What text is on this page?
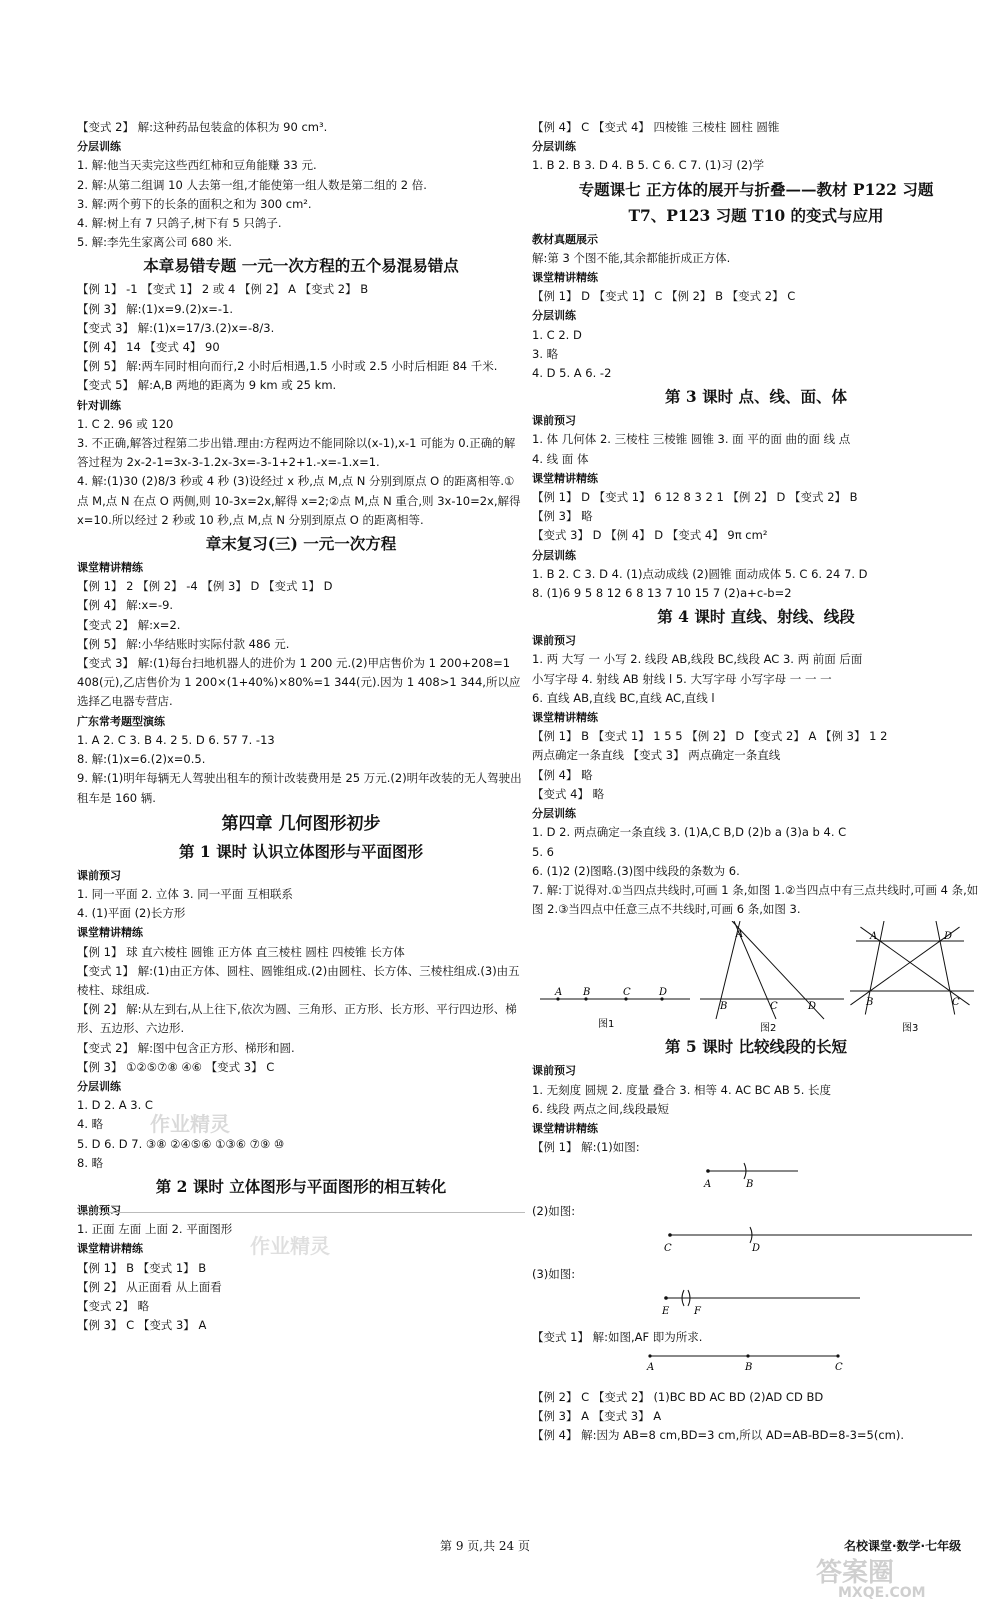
【变式 2】 解:这种药品包装盒的体积为 90 cm³.
分层训练
1. 解:他当天卖完这些西红柿和豆角能赚 33 元.
2. 解:从第二组调 10 人去第一组,才能使第一组人数是第二组的 2 倍.
3. 解:两个剪下的长条的面积之和为 300 cm².
4. 解:树上有 7 只鸽子,树下有 5 只鸽子.
5. 解:李先生家离公司 680 米.
本章易错专题 一元一次方程的五个易混易错点
【例 1】 -1 【变式 1】 2 或 4 【例 2】 A 【变式 2】 B
【例 3】 解:(1)x=9.(2)x=-1.
【变式 3】 解:(1)x=17/3.(2)x=-8/3.
【例 4】 14 【变式 4】 90
【例 5】 解:两车同时相向而行,2 小时后相遇,1.5 小时或 2.5 小时后相距 84 千米.
【变式 5】 解:A,B 两地的距离为 9 km 或 25 km.
针对训练
1. C 2. 96 或 120
3. 不正确,解答过程第二步出错.理由:方程两边不能同除以(x-1),x-1 可能为 0.正确的解答过程为 2x-2-1=3x-3-1.2x-3x=-3-1+2+1.-x=-1.x=1.
4. 解:(1)30 (2)8/3 秒或 4 秒 (3)设经过 x 秒,点 M,点 N 分别到原点 O 的距离相等.①点 M,点 N 在点 O 两侧,则 10-3x=2x,解得 x=2;②点 M,点 N 重合,则 3x-10=2x,解得 x=10.所以经过 2 秒或 10 秒,点 M,点 N 分别到原点 O 的距离相等.
章末复习(三) 一元一次方程
课堂精讲精练
【例 1】 2 【例 2】 -4 【例 3】 D 【变式 1】 D
【例 4】 解:x=-9.
【变式 2】 解:x=2.
【例 5】 解:小华结账时实际付款 486 元.
【变式 3】 解:(1)每台扫地机器人的进价为 1 200 元.(2)甲店售价为 1 200+208=1 408(元),乙店售价为 1 200×(1+40%)×80%=1 344(元).因为 1 408>1 344,所以应选择乙电器专营店.
广东常考题型演练
1. A 2. C 3. B 4. 2 5. D 6. 57 7. -13
8. 解:(1)x=6.(2)x=0.5.
9. 解:(1)明年每辆无人驾驶出租车的预计改装费用是 25 万元.(2)明年改装的无人驾驶出租车是 160 辆.
第四章 几何图形初步
第 1 课时 认识立体图形与平面图形
课前预习
1. 同一平面 2. 立体 3. 同一平面 互相联系
4. (1)平面 (2)长方形
课堂精讲精练
【例 1】 球 直六棱柱 圆锥 正方体 直三棱柱 圆柱 四棱锥 长方体
【变式 1】 解:(1)由正方体、圆柱、圆锥组成.(2)由圆柱、长方体、三棱柱组成.(3)由五棱柱、球组成.
【例 2】 解:从左到右,从上往下,依次为圆、三角形、正方形、长方形、平行四边形、梯形、五边形、六边形.
【变式 2】 解:图中包含正方形、梯形和圆.
【例 3】 ①②⑤⑦⑧ ④⑥ 【变式 3】 C
分层训练
1. D 2. A 3. C
4. 略
5. D 6. D 7. ③⑧ ②④⑤⑥ ①③⑥ ⑦⑨ ⑩
8. 略
第 2 课时 立体图形与平面图形的相互转化
课前预习
1. 正面 左面 上面 2. 平面图形
课堂精讲精练
【例 1】 B 【变式 1】 B
【例 2】 从正面看 从上面看
【变式 2】 略
【例 3】 C 【变式 3】 A
【例 4】 C 【变式 4】 四棱锥 三棱柱 圆柱 圆锥
分层训练
1. B 2. B 3. D 4. B 5. C 6. C 7. (1)习 (2)学
专题课七 正方体的展开与折叠——教材 P122 习题
T7、P123 习题 T10 的变式与应用
教材真题展示
解:第 3 个图不能,其余都能折成正方体.
课堂精讲精练
【例 1】 D 【变式 1】 C 【例 2】 B 【变式 2】 C
分层训练
1. C 2. D
3. 略
4. D 5. A 6. -2
第 3 课时 点、线、面、体
课前预习
1. 体 几何体 2. 三棱柱 三棱锥 圆锥 3. 面 平的面 曲的面 线 点
4. 线 面 体
课堂精讲精练
【例 1】 D 【变式 1】 6 12 8 3 2 1 【例 2】 D 【变式 2】 B
【例 3】 略
【变式 3】 D 【例 4】 D 【变式 4】 9π cm²
分层训练
1. B 2. C 3. D 4. (1)点动成线 (2)圆锥 面动成体 5. C 6. 24 7. D
8. (1)6 9 5 8 12 6 8 13 7 10 15 7 (2)a+c-b=2
第 4 课时 直线、射线、线段
课前预习
1. 两 大写 一 小写 2. 线段 AB,线段 BC,线段 AC 3. 两 前面 后面
小写字母 4. 射线 AB 射线 l 5. 大写字母 小写字母 一 一 一
6. 直线 AB,直线 BC,直线 AC,直线 l
课堂精讲精练
【例 1】 B 【变式 1】 1 5 5 【例 2】 D 【变式 2】 A 【例 3】 1 2
两点确定一条直线 【变式 3】 两点确定一条直线
【例 4】 略
【变式 4】 略
分层训练
1. D 2. 两点确定一条直线 3. (1)A,C B,D (2)b a (3)a b 4. C
5. 6
6. (1)2 (2)图略.(3)图中线段的条数为 6.
7. 解:丁说得对.①当四点共线时,可画 1 条,如图 1.②当四点中有三点共线时,可画 4 条,如图 2.③当四点中任意三点不共线时,可画 6 条,如图 3.
A B	C	D
图1
A
B	C	D
图2
A
B	C
D
图3
第 5 课时 比较线段的长短
课前预习
1. 无刻度 圆规 2. 度量 叠合 3. 相等 4. AC BC AB 5. 长度
6. 线段 两点之间,线段最短
课堂精讲精练
【例 1】 解:(1)如图:
A	B
(2)如图:
C	D
(3)如图:
E F
【变式 1】 解:如图,AF 即为所求.
A	B	C
【例 2】 C 【变式 2】 (1)BC BD AC BD (2)AD CD BD
【例 3】 A 【变式 3】 A
【例 4】 解:因为 AB=8 cm,BD=3 cm,所以 AD=AB-BD=8-3=5(cm).
作业精灵
作业精灵
第 9 页,共 24 页	名校课堂·数学·七年级
答案圈
MXQE.COM
